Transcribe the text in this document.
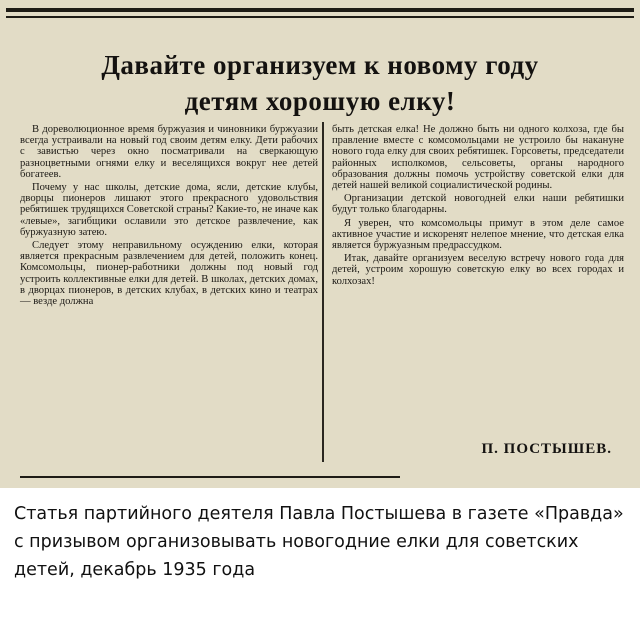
Давайте организуем к новому году
детям хорошую елку!

В дореволюционное время буржуазия и чиновники буржуазии всегда устраивали на новый год своим детям елку. Дети рабочих с завистью через окно посматривали на сверкающую разноцветными огнями елку и веселящихся вокруг нее детей богатеев.

Почему у нас школы, детские дома, ясли, детские клубы, дворцы пионеров лишают этого прекрасного удовольствия ребятишек трудящихся Советской страны? Какие-то, не иначе как «левые», загибщики ославили это детское развлечение, как буржуазную затею.

Следует этому неправильному осуждению елки, которая является прекрасным развлечением для детей, положить конец. Комсомольцы, пионер-работники должны под новый год устроить коллективные елки для детей. В школах, детских домах, в дворцах пионеров, в детских клубах, в детских кино и театрах — везде должна

быть детская елка! Не должно быть ни одного колхоза, где бы правление вместе с комсомольцами не устроило бы накануне нового года елку для своих ребятишек. Горсоветы, председатели районных исполкомов, сельсоветы, органы народного образования должны помочь устройству советской елки для детей нашей великой социалистической родины.

Организации детской новогодней елки наши ребятишки будут только благодарны.

Я уверен, что комсомольцы примут в этом деле самое активное участие и искоренят нелепое мнение, что детская елка является буржуазным предрассудком.

Итак, давайте организуем веселую встречу нового года для детей, устроим хорошую советскую елку во всех городах и колхозах!

П. ПОСТЫШЕВ.
Статья партийного деятеля Павла Постышева в газете «Правда» с призывом организовывать новогодние елки для советских детей, декабрь 1935 года
